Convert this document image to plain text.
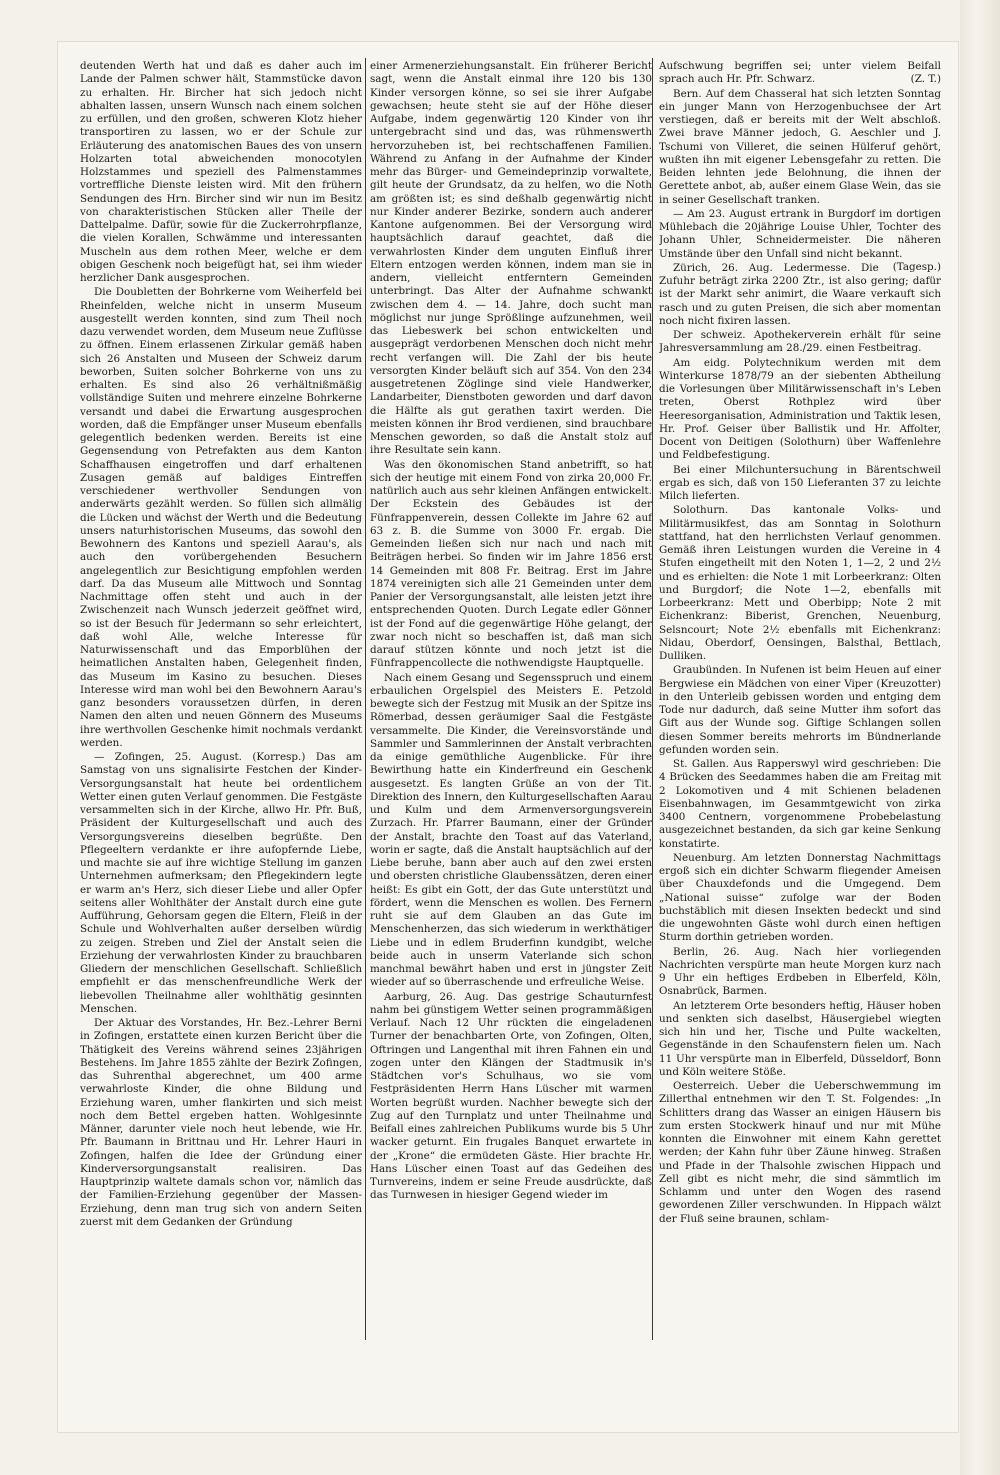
deutenden Werth hat und daß es daher auch im Lande der Palmen schwer hält, Stammstücke davon zu erhalten. Hr. Bircher hat sich jedoch nicht abhalten lassen, unsern Wunsch nach einem solchen zu erfüllen, und den großen, schweren Klotz hieher transportiren zu lassen, wo er der Schule zur Erläuterung des anatomischen Baues des von unsern Holzarten total abweichenden monocotylen Holzstammes und speziell des Palmenstammes vortreffliche Dienste leisten wird. Mit den frühern Sendungen des Hrn. Bircher sind wir nun im Besitz von charakteristischen Stücken aller Theile der Dattelpalme. Dafür, sowie für die Zuckerrohrpflanze, die vielen Korallen, Schwämme und interessanten Muscheln aus dem rothen Meer, welche er dem obigen Geschenk noch beigefügt hat, sei ihm wieder herzlicher Dank ausgesprochen.

Die Doubletten der Bohrkerne vom Weiherfeld bei Rheinfelden, welche nicht in unserm Museum ausgestellt werden konnten, sind zum Theil noch dazu verwendet worden, dem Museum neue Zuflüsse zu öffnen. Einem erlassenen Zirkular gemäß haben sich 26 Anstalten und Museen der Schweiz darum beworben, Suiten solcher Bohrkerne von uns zu erhalten. Es sind also 26 verhältnißmäßig vollständige Suiten und mehrere einzelne Bohrkerne versandt und dabei die Erwartung ausgesprochen worden, daß die Empfänger unser Museum ebenfalls gelegentlich bedenken werden. Bereits ist eine Gegensendung von Petrefakten aus dem Kanton Schaffhausen eingetroffen und darf erhaltenen Zusagen gemäß auf baldiges Eintreffen verschiedener werthvoller Sendungen von anderwärts gezählt werden. So füllen sich allmälig die Lücken und wächst der Werth und die Bedeutung unsers naturhistorischen Museums, das sowohl den Bewohnern des Kantons und speziell Aarau's, als auch den vorübergehenden Besuchern angelegentlich zur Besichtigung empfohlen werden darf. Da das Museum alle Mittwoch und Sonntag Nachmittage offen steht und auch in der Zwischenzeit nach Wunsch jederzeit geöffnet wird, so ist der Besuch für Jedermann so sehr erleichtert, daß wohl Alle, welche Interesse für Naturwissenschaft und das Emporblühen der heimatlichen Anstalten haben, Gelegenheit finden, das Museum im Kasino zu besuchen. Dieses Interesse wird man wohl bei den Bewohnern Aarau's ganz besonders voraussetzen dürfen, in deren Namen den alten und neuen Gönnern des Museums ihre werthvollen Geschenke himit nochmals verdankt werden.

— Zofingen, 25. August. (Korresp.) Das am Samstag von uns signalisirte Festchen der Kinder-Versorgungsanstalt hat heute bei ordentlichem Wetter einen guten Verlauf genommen. Die Festgäste versammelten sich in der Kirche, allwo Hr. Pfr. Buß, Präsident der Kulturgesellschaft und auch des Versorgungsvereins dieselben begrüßte. Den Pflegeeltern verdankte er ihre aufopfernde Liebe, und machte sie auf ihre wichtige Stellung im ganzen Unternehmen aufmerksam; den Pflegekindern legte er warm an's Herz, sich dieser Liebe und aller Opfer seitens aller Wohlthäter der Anstalt durch eine gute Aufführung, Gehorsam gegen die Eltern, Fleiß in der Schule und Wohlverhalten außer derselben würdig zu zeigen. Streben und Ziel der Anstalt seien die Erziehung der verwahrlosten Kinder zu brauchbaren Gliedern der menschlichen Gesellschaft. Schließlich empfiehlt er das menschenfreundliche Werk der liebevollen Theilnahme aller wohlthätig gesinnten Menschen.

Der Aktuar des Vorstandes, Hr. Bez.-Lehrer Berni in Zofingen, erstattete einen kurzen Bericht über die Thätigkeit des Vereins während seines 23jährigen Bestehens. Im Jahre 1855 zählte der Bezirk Zofingen, das Suhrenthal abgerechnet, um 400 arme verwahrloste Kinder, die ohne Bildung und Erziehung waren, umher flankirten und sich meist noch dem Bettel ergeben hatten. Wohlgesinnte Männer, darunter viele noch heut lebende, wie Hr. Pfr. Baumann in Brittnau und Hr. Lehrer Hauri in Zofingen, halfen die Idee der Gründung einer Kinderversorgungsanstalt realisiren. Das Hauptprinzip waltete damals schon vor, nämlich das der Familien-Erziehung gegenüber der Massen-Erziehung, denn man trug sich von andern Seiten zuerst mit dem Gedanken der Gründung

einer Armenerziehungsanstalt. Ein früherer Bericht sagt, wenn die Anstalt einmal ihre 120 bis 130 Kinder versorgen könne, so sei sie ihrer Aufgabe gewachsen; heute steht sie auf der Höhe dieser Aufgabe, indem gegenwärtig 120 Kinder von ihr untergebracht sind und das, was rühmenswerth hervorzuheben ist, bei rechtschaffenen Familien. Während zu Anfang in der Aufnahme der Kinder mehr das Bürger- und Gemeindeprinzip vorwaltete, gilt heute der Grundsatz, da zu helfen, wo die Noth am größten ist; es sind deßhalb gegenwärtig nicht nur Kinder anderer Bezirke, sondern auch anderer Kantone aufgenommen. Bei der Versorgung wird hauptsächlich darauf geachtet, daß die verwahrlosten Kinder dem unguten Einfluß ihrer Eltern entzogen werden können, indem man sie in andern, vielleicht entferntern Gemeinden unterbringt. Das Alter der Aufnahme schwankt zwischen dem 4. — 14. Jahre, doch sucht man möglichst nur junge Sprößlinge aufzunehmen, weil das Liebeswerk bei schon entwickelten und ausgeprägt verdorbenen Menschen doch nicht mehr recht verfangen will. Die Zahl der bis heute versorgten Kinder beläuft sich auf 354. Von den 234 ausgetretenen Zöglinge sind viele Handwerker, Landarbeiter, Dienstboten geworden und darf davon die Hälfte als gut gerathen taxirt werden. Die meisten können ihr Brod verdienen, sind brauchbare Menschen geworden, so daß die Anstalt stolz auf ihre Resultate sein kann.

Was den ökonomischen Stand anbetrifft, so hat sich der heutige mit einem Fond von zirka 20,000 Fr. natürlich auch aus sehr kleinen Anfängen entwickelt. Der Eckstein des Gebäudes ist der Fünfrappenverein, dessen Collekte im Jahre 62 auf 63 z. B. die Summe von 3000 Fr. ergab. Die Gemeinden ließen sich nur nach und nach mit Beiträgen herbei. So finden wir im Jahre 1856 erst 14 Gemeinden mit 808 Fr. Beitrag. Erst im Jahre 1874 vereinigten sich alle 21 Gemeinden unter dem Panier der Versorgungsanstalt, alle leisten jetzt ihre entsprechenden Quoten. Durch Legate edler Gönner ist der Fond auf die gegenwärtige Höhe gelangt, der zwar noch nicht so beschaffen ist, daß man sich darauf stützen könnte und noch jetzt ist die Fünfrappencollecte die nothwendigste Hauptquelle.

Nach einem Gesang und Segensspruch und einem erbaulichen Orgelspiel des Meisters E. Petzold bewegte sich der Festzug mit Musik an der Spitze ins Römerbad, dessen geräumiger Saal die Festgäste versammelte. Die Kinder, die Vereinsvorstände und Sammler und Sammlerinnen der Anstalt verbrachten da einige gemüthliche Augenblicke. Für ihre Bewirthung hatte ein Kinderfreund ein Geschenk ausgesetzt. Es langten Grüße an von der Tit. Direktion des Innern, den Kulturgesellschaften Aarau und Kulm und dem Armenversorgungsverein Zurzach. Hr. Pfarrer Baumann, einer der Gründer der Anstalt, brachte den Toast auf das Vaterland, worin er sagte, daß die Anstalt hauptsächlich auf der Liebe beruhe, bann aber auch auf den zwei ersten und obersten christliche Glaubenssätzen, deren einer heißt: Es gibt ein Gott, der das Gute unterstützt und fördert, wenn die Menschen es wollen. Des Fernern ruht sie auf dem Glauben an das Gute im Menschenherzen, das sich wiederum in werkthätiger Liebe und in edlem Bruderfinn kundgibt, welche beide auch in unserm Vaterlande sich schon manchmal bewährt haben und erst in jüngster Zeit wieder auf so überraschende und erfreuliche Weise.

Aarburg, 26. Aug. Das gestrige Schauturnfest nahm bei günstigem Wetter seinen programmäßigen Verlauf. Nach 12 Uhr rückten die eingeladenen Turner der benachbarten Orte, von Zofingen, Olten, Oftringen und Langenthal mit ihren Fahnen ein und zogen unter den Klängen der Stadtmusik in's Städtchen vor's Schulhaus, wo sie vom Festpräsidenten Herrn Hans Lüscher mit warmen Worten begrüßt wurden. Nachher bewegte sich der Zug auf den Turnplatz und unter Theilnahme und Beifall eines zahlreichen Publikums wurde bis 5 Uhr wacker geturnt. Ein frugales Banquet erwartete in der „Krone“ die ermüdeten Gäste. Hier brachte Hr. Hans Lüscher einen Toast auf das Gedeihen des Turnvereins, indem er seine Freude ausdrückte, daß das Turnwesen in hiesiger Gegend wieder im

Aufschwung begriffen sei; unter vielem Beifall sprach auch Hr. Pfr. Schwarz.	(Z. T.)

Bern. Auf dem Chasseral hat sich letzten Sonntag ein junger Mann von Herzogenbuchsee der Art verstiegen, daß er bereits mit der Welt abschloß. Zwei brave Männer jedoch, G. Aeschler und J. Tschumi von Villeret, die seinen Hülferuf gehört, wußten ihn mit eigener Lebensgefahr zu retten. Die Beiden lehnten jede Belohnung, die ihnen der Gerettete anbot, ab, außer einem Glase Wein, das sie in seiner Gesellschaft tranken.

— Am 23. August ertrank in Burgdorf im dortigen Mühlebach die 20jährige Louise Uhler, Tochter des Johann Uhler, Schneidermeister. Die näheren Umstände über den Unfall sind nicht bekannt.
(Tagesp.)

Zürich, 26. Aug. Ledermesse. Die Zufuhr beträgt zirka 2200 Ztr., ist also gering; dafür ist der Markt sehr animirt, die Waare verkauft sich rasch und zu guten Preisen, die sich aber momentan noch nicht fixiren lassen.

Der schweiz. Apothekerverein erhält für seine Jahresversammlung am 28./29. einen Festbeitrag.

Am eidg. Polytechnikum werden mit dem Winterkurse 1878/79 an der siebenten Abtheilung die Vorlesungen über Militärwissenschaft in's Leben treten, Oberst Rothplez wird über Heeresorganisation, Administration und Taktik lesen, Hr. Prof. Geiser über Ballistik und Hr. Affolter, Docent von Deitigen (Solothurn) über Waffenlehre und Feldbefestigung.

Bei einer Milchuntersuchung in Bärentschweil ergab es sich, daß von 150 Lieferanten 37 zu leichte Milch lieferten.

Solothurn. Das kantonale Volks- und Militärmusikfest, das am Sonntag in Solothurn stattfand, hat den herrlichsten Verlauf genommen. Gemäß ihren Leistungen wurden die Vereine in 4 Stufen eingetheilt mit den Noten 1, 1—2, 2 und 2½ und es erhielten: die Note 1 mit Lorbeerkranz: Olten und Burgdorf; die Note 1—2, ebenfalls mit Lorbeerkranz: Mett und Oberbipp; Note 2 mit Eichenkranz: Biberist, Grenchen, Neuenburg, Selsncourt; Note 2½ ebenfalls mit Eichenkranz: Nidau, Oberdorf, Oensingen, Balsthal, Bettlach, Dulliken.

Graubünden. In Nufenen ist beim Heuen auf einer Bergwiese ein Mädchen von einer Viper (Kreuzotter) in den Unterleib gebissen worden und entging dem Tode nur dadurch, daß seine Mutter ihm sofort das Gift aus der Wunde sog. Giftige Schlangen sollen diesen Sommer bereits mehrorts im Bündnerlande gefunden worden sein.

St. Gallen. Aus Rapperswyl wird geschrieben: Die 4 Brücken des Seedammes haben die am Freitag mit 2 Lokomotiven und 4 mit Schienen beladenen Eisenbahnwagen, im Gesammtgewicht von zirka 3400 Centnern, vorgenommene Probebelastung ausgezeichnet bestanden, da sich gar keine Senkung konstatirte.

Neuenburg. Am letzten Donnerstag Nachmittags ergoß sich ein dichter Schwarm fliegender Ameisen über Chauxdefonds und die Umgegend. Dem „National suisse“ zufolge war der Boden buchstäblich mit diesen Insekten bedeckt und sind die ungewohnten Gäste wohl durch einen heftigen Sturm dorthin getrieben worden.

Berlin, 26. Aug. Nach hier vorliegenden Nachrichten verspürte man heute Morgen kurz nach 9 Uhr ein heftiges Erdbeben in Elberfeld, Köln, Osnabrück, Barmen.

An letzterem Orte besonders heftig, Häuser hoben und senkten sich daselbst, Häusergiebel wiegten sich hin und her, Tische und Pulte wackelten, Gegenstände in den Schaufenstern fielen um. Nach 11 Uhr verspürte man in Elberfeld, Düsseldorf, Bonn und Köln weitere Stöße.

Oesterreich. Ueber die Ueberschwemmung im Zillerthal entnehmen wir den T. St. Folgendes: „In Schlitters drang das Wasser an einigen Häusern bis zum ersten Stockwerk hinauf und nur mit Mühe konnten die Einwohner mit einem Kahn gerettet werden; der Kahn fuhr über Zäune hinweg. Straßen und Pfade in der Thalsohle zwischen Hippach und Zell gibt es nicht mehr, die sind sämmtlich im Schlamm und unter den Wogen des rasend gewordenen Ziller verschwunden. In Hippach wälzt der Fluß seine braunen, schlam-
